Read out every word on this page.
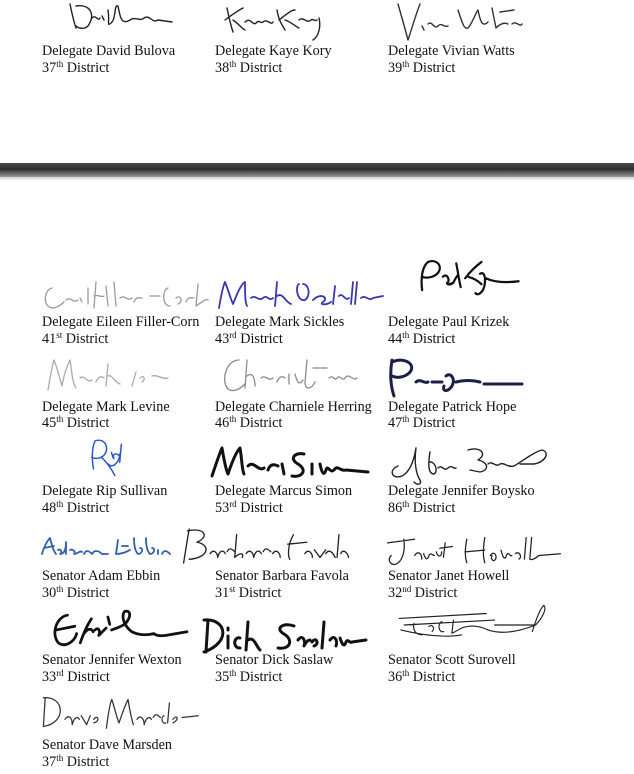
Delegate David Bulova
37th District
Delegate Kaye Kory
38th District
Delegate Vivian Watts
39th District
Delegate Eileen Filler-Corn
41st District
Delegate Mark Sickles
43rd District
Delegate Paul Krizek
44th District
Delegate Mark Levine
45th District
Delegate Charniele Herring
46th District
Delegate Patrick Hope
47th District
Delegate Rip Sullivan
48th District
Delegate Marcus Simon
53rd District
Delegate Jennifer Boysko
86th District
Senator Adam Ebbin
30th District
Senator Barbara Favola
31st District
Senator Janet Howell
32nd District
Senator Jennifer Wexton
33rd District
Senator Dick Saslaw
35th District
Senator Scott Surovell
36th District
Senator Dave Marsden
37th District
